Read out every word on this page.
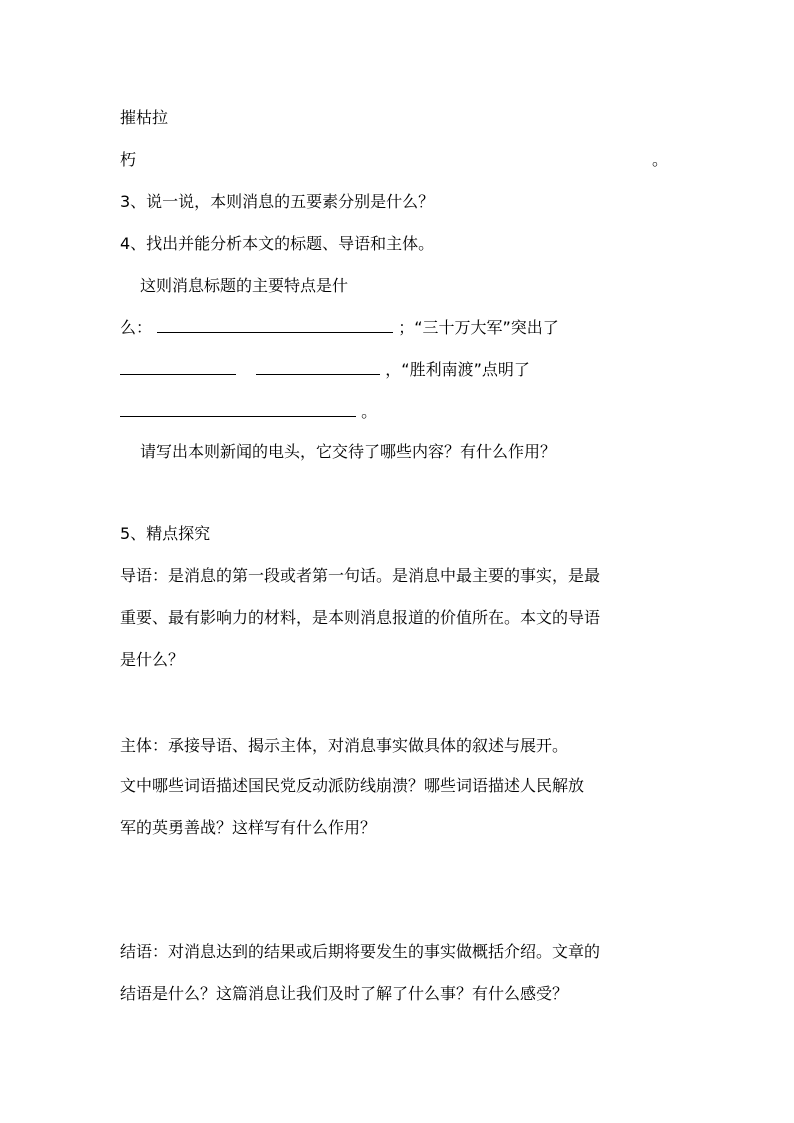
摧枯拉
朽	。
3、说一说，本则消息的五要素分别是什么？
4、找出并能分析本文的标题、导语和主体。
这则消息标题的主要特点是什
么：	；“三十万大军”突出了
，“胜利南渡”点明了
。
请写出本则新闻的电头，它交待了哪些内容？有什么作用？
5、精点探究
导语：是消息的第一段或者第一句话。是消息中最主要的事实，是最
重要、最有影响力的材料，是本则消息报道的价值所在。本文的导语
是什么？
主体：承接导语、揭示主体，对消息事实做具体的叙述与展开。
文中哪些词语描述国民党反动派防线崩溃？哪些词语描述人民解放
军的英勇善战？这样写有什么作用？
结语：对消息达到的结果或后期将要发生的事实做概括介绍。文章的
结语是什么？这篇消息让我们及时了解了什么事？有什么感受？
